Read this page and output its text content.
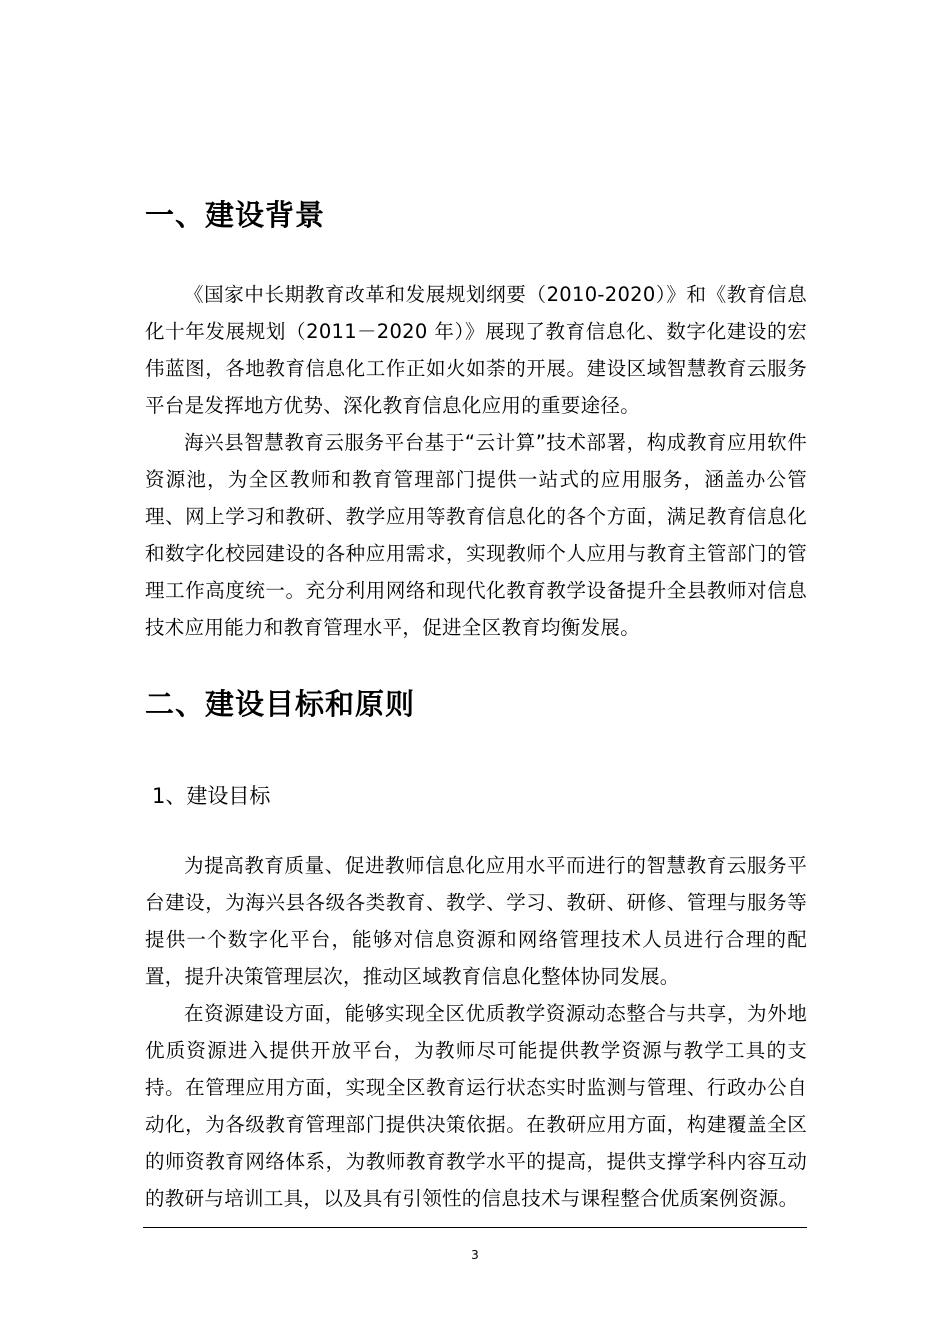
一、建设背景

《国家中长期教育改革和发展规划纲要（2010-2020）》和《教育信息化十年发展规划（2011－2020 年）》展现了教育信息化、数字化建设的宏伟蓝图，各地教育信息化工作正如火如荼的开展。建设区域智慧教育云服务平台是发挥地方优势、深化教育信息化应用的重要途径。

海兴县智慧教育云服务平台基于“云计算”技术部署，构成教育应用软件资源池，为全区教师和教育管理部门提供一站式的应用服务，涵盖办公管理、网上学习和教研、教学应用等教育信息化的各个方面，满足教育信息化和数字化校园建设的各种应用需求，实现教师个人应用与教育主管部门的管理工作高度统一。充分利用网络和现代化教育教学设备提升全县教师对信息技术应用能力和教育管理水平，促进全区教育均衡发展。

二、建设目标和原则
1、建设目标

为提高教育质量、促进教师信息化应用水平而进行的智慧教育云服务平台建设，为海兴县各级各类教育、教学、学习、教研、研修、管理与服务等提供一个数字化平台，能够对信息资源和网络管理技术人员进行合理的配置，提升决策管理层次，推动区域教育信息化整体协同发展。

在资源建设方面，能够实现全区优质教学资源动态整合与共享，为外地优质资源进入提供开放平台，为教师尽可能提供教学资源与教学工具的支持。在管理应用方面，实现全区教育运行状态实时监测与管理、行政办公自动化，为各级教育管理部门提供决策依据。在教研应用方面，构建覆盖全区的师资教育网络体系，为教师教育教学水平的提高，提供支撑学科内容互动的教研与培训工具，以及具有引领性的信息技术与课程整合优质案例资源。

3
